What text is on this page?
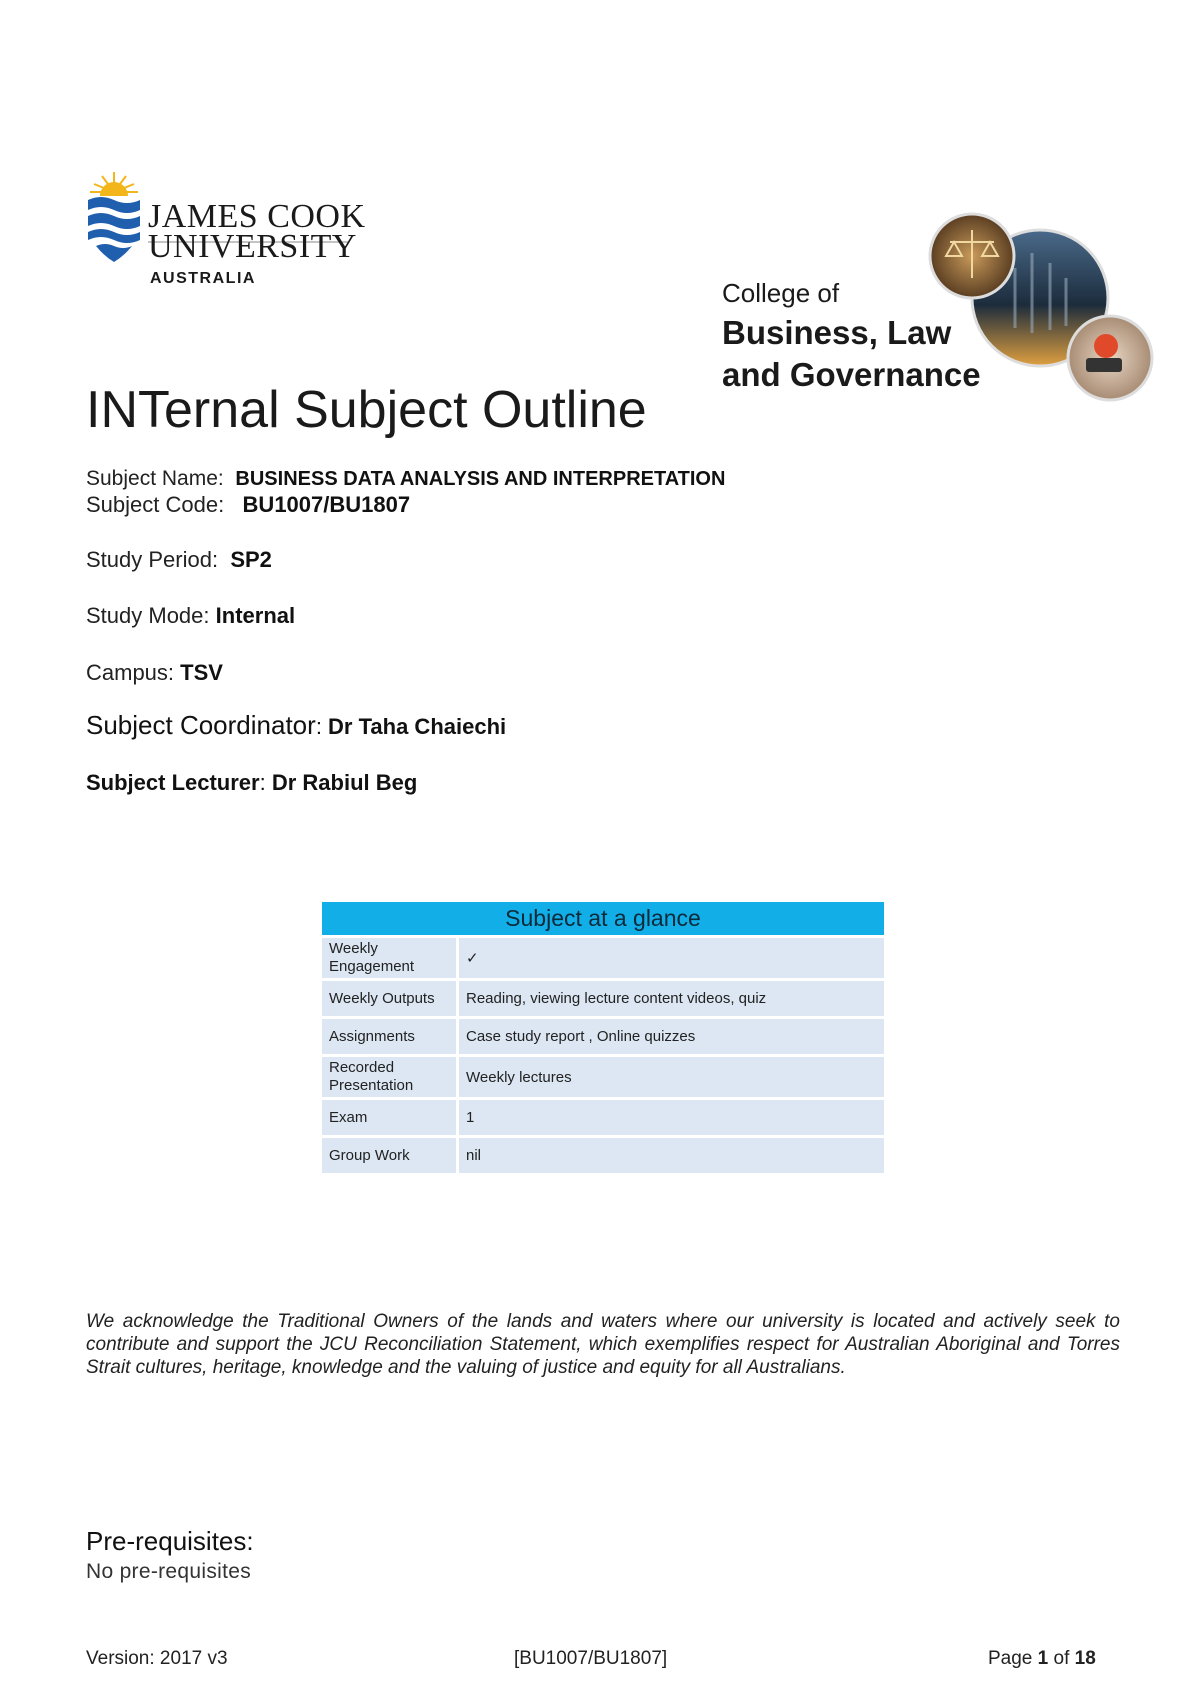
JAMES COOK
UNIVERSITY
AUSTRALIA	College of
Business, Law
and Governance
INTernal Subject Outline
Subject Name: BUSINESS DATA ANALYSIS AND INTERPRETATION
Subject Code: BU1007/BU1807
Study Period: SP2
Study Mode: Internal
Campus: TSV
Subject Coordinator: Dr Taha Chaiechi
Subject Lecturer: Dr Rabiul Beg
Subject at a glance	
Weekly Engagement	✓
Weekly Outputs	Reading, viewing lecture content videos, quiz
Assignments	Case study report , Online quizzes
Recorded Presentation	Weekly lectures
Exam	1
Group Work	nil
We acknowledge the Traditional Owners of the lands and waters where our university is located and actively seek to contribute and support the JCU Reconciliation Statement, which exemplifies respect for Australian Aboriginal and Torres Strait cultures, heritage, knowledge and the valuing of justice and equity for all Australians.
Pre-requisites:
No pre-requisites
Version: 2017 v3	[BU1007/BU1807]	Page 1 of 18
